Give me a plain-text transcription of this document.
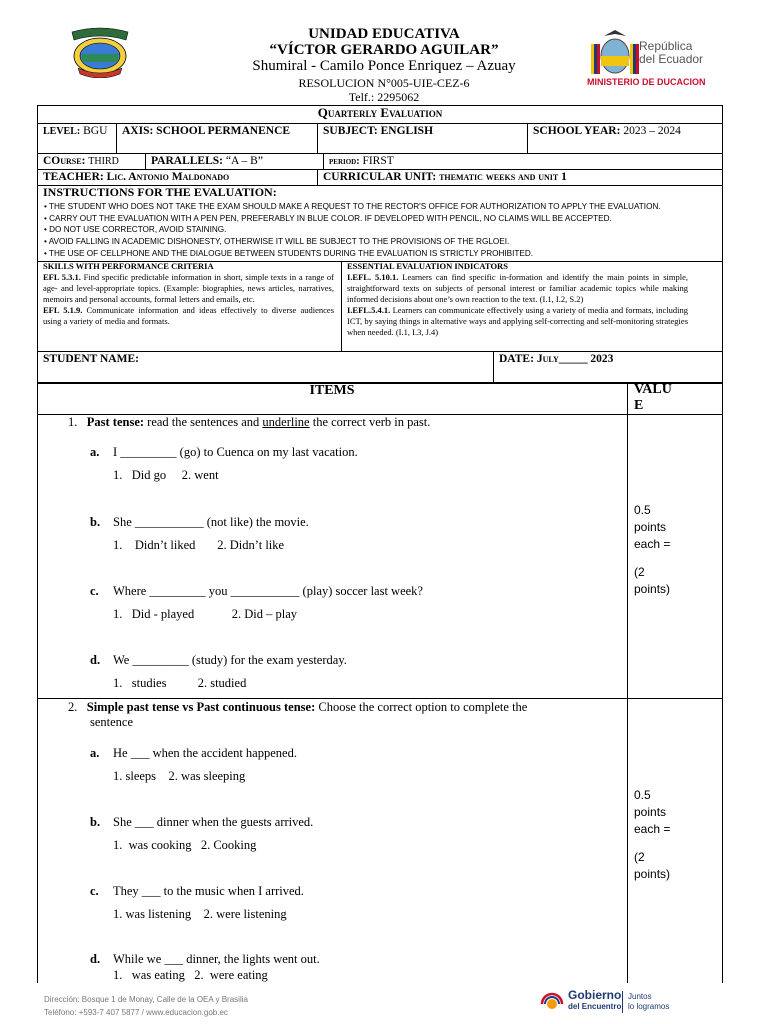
UNIDAD EDUCATIVA
“VÍCTOR GERARDO AGUILAR”
Shumiral - Camilo Ponce Enriquez – Azuay
RESOLUCION N°005-UIE-CEZ-6
Telf.: 2295062
República
del Ecuador
MINISTERIO DE DUCACION
Quarterly Evaluation
LEVEL: BGU AXIS: SCHOOL PERMANENCE	SUBJECT: ENGLISH	SCHOOL YEAR: 2023 – 2024
COurse: THIRD	PARALLELS: “A – B”	period: FIRST
TEACHER: Lic. Antonio Maldonado	CURRICULAR UNIT: thematic weeks and unit 1
INSTRUCTIONS FOR THE EVALUATION:
• THE STUDENT WHO DOES NOT TAKE THE EXAM SHOULD MAKE A REQUEST TO THE RECTOR'S OFFICE FOR AUTHORIZATION TO APPLY THE EVALUATION.
• CARRY OUT THE EVALUATION WITH A PEN PEN, PREFERABLY IN BLUE COLOR. IF DEVELOPED WITH PENCIL, NO CLAIMS WILL BE ACCEPTED.
• DO NOT USE CORRECTOR, AVOID STAINING.
• AVOID FALLING IN ACADEMIC DISHONESTY, OTHERWISE IT WILL BE SUBJECT TO THE PROVISIONS OF THE RGLOEI.
• THE USE OF CELLPHONE AND THE DIALOGUE BETWEEN STUDENTS DURING THE EVALUATION IS STRICTLY PROHIBITED.
SKILLS WITH PERFORMANCE CRITERIA
EFL 5.3.1. Find specific predictable information in short, simple texts in a range of age- and level-appropriate topics. (Example: biographies, news articles, narratives, memoirs and personal accounts, formal letters and emails, etc.
EFL 5.1.9. Communicate information and ideas effectively to diverse audiences using a variety of media and formats.
ESSENTIAL EVALUATION INDICATORS
I.EFL. 5.10.1. Learners can find specific in-formation and identify the main points in simple, straightforward texts on subjects of personal interest or familiar academic topics while making informed decisions about one’s own reaction to the text. (I.1, I.2, S.2)
I.EFL.5.4.1. Learners can communicate effectively using a variety of media and formats, including ICT, by saying things in alternative ways and applying self-correcting and self-monitoring strategies when needed. (I.1, I.3, J.4)
STUDENT NAME:	DATE: July_____ 2023
ITEMS	VALU
E
1. Past tense: read the sentences and underline the correct verb in past.
a. I _________ (go) to Cuenca on my last vacation.
1.   Did go     2. went
b. She ___________ (not like) the movie.
1.    Didn’t liked       2. Didn’t like
c. Where _________ you ___________ (play) soccer last week?
1.   Did - played            2. Did – play
d. We _________ (study) for the exam yesterday.
1.   studies          2. studied
0.5
points
each =
(2
points)
2. Simple past tense vs Past continuous tense: Choose the correct option to complete the
sentence
a. He ___ when the accident happened.
1. sleeps    2. was sleeping
b. She ___ dinner when the guests arrived.
1.  was cooking   2. Cooking
c. They ___ to the music when I arrived.
1. was listening    2. were listening
d. While we ___ dinner, the lights went out.
1.   was eating   2.  were eating
0.5
points
each =
(2
points)
Dirección: Bosque 1 de Monay, Calle de la OEA y Brasilia
Teléfono: +593-7 407 5877 / www.educacion.gob.ec
Gobierno
del Encuentro
Juntos
lo logramos
